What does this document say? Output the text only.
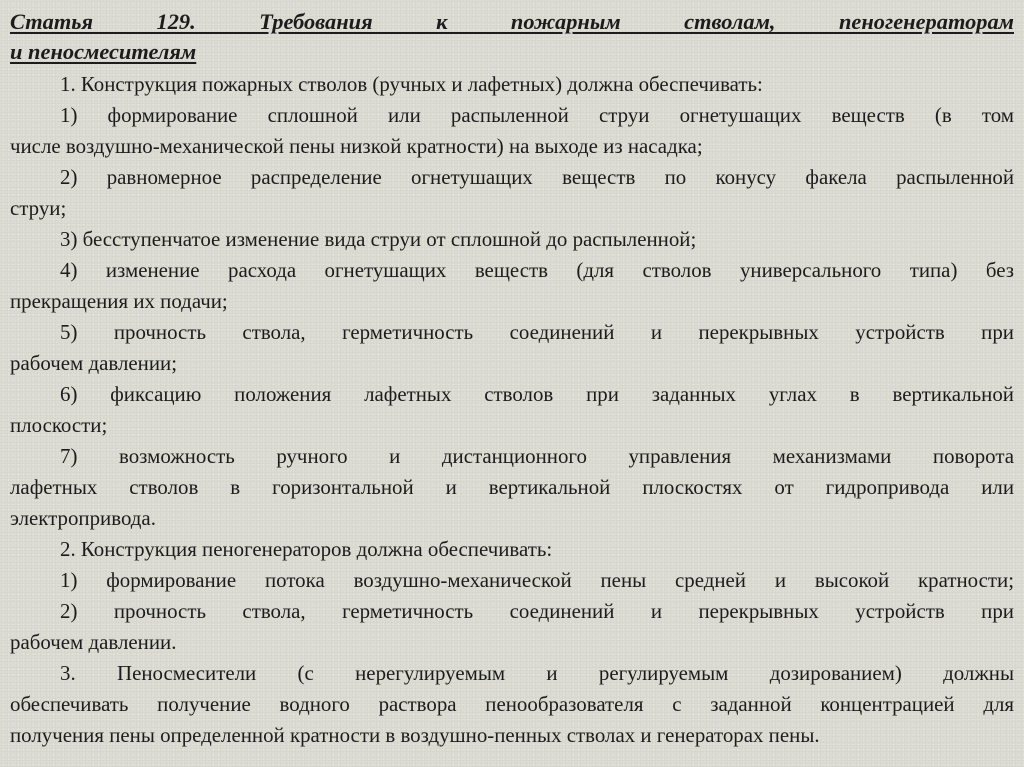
Статья 129. Требования к пожарным стволам, пеногенераторам
и пеносмесителям
1. Конструкция пожарных стволов (ручных и лафетных) должна обеспечивать:
1) формирование сплошной или распыленной струи огнетушащих веществ (в том
числе воздушно-механической пены низкой кратности) на выходе из насадка;
2) равномерное распределение огнетушащих веществ по конусу факела распыленной
струи;
3) бесступенчатое изменение вида струи от сплошной до распыленной;
4) изменение расхода огнетушащих веществ (для стволов универсального типа) без
прекращения их подачи;
5) прочность ствола, герметичность соединений и перекрывных устройств при
рабочем давлении;
6) фиксацию положения лафетных стволов при заданных углах в вертикальной
плоскости;
7) возможность ручного и дистанционного управления механизмами поворота
лафетных стволов в горизонтальной и вертикальной плоскостях от гидропривода или
электропривода.
2. Конструкция пеногенераторов должна обеспечивать:
1) формирование потока воздушно-механической пены средней и высокой кратности;
2) прочность ствола, герметичность соединений и перекрывных устройств при
рабочем давлении.
3. Пеносмесители (с нерегулируемым и регулируемым дозированием) должны
обеспечивать получение водного раствора пенообразователя с заданной концентрацией для
получения пены определенной кратности в воздушно-пенных стволах и генераторах пены.
